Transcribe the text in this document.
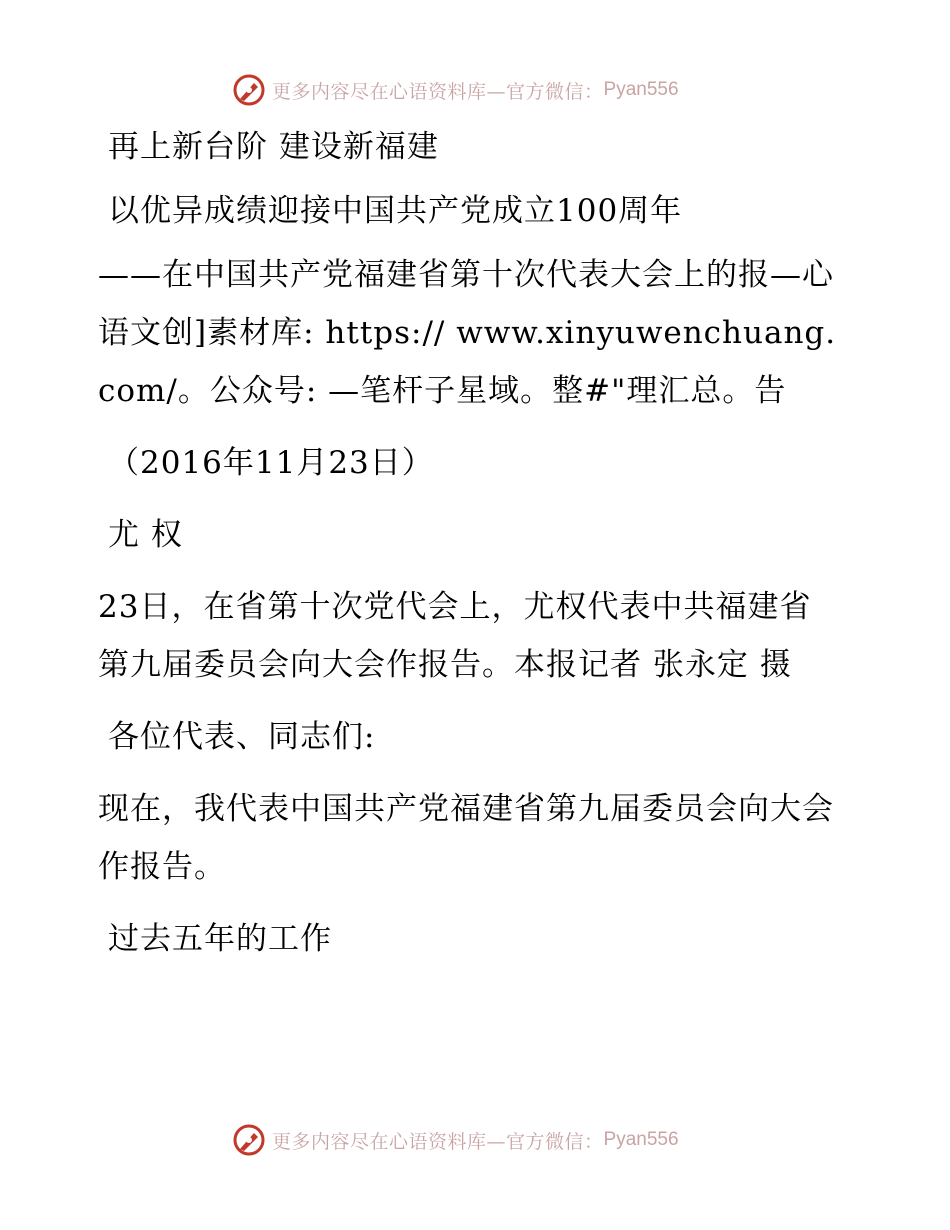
更多内容尽在心语资料库—官方微信： Pyan556

再上新台阶 建设新福建

以优异成绩迎接中国共产党成立100周年

——在中国共产党福建省第十次代表大会上的报—心语文创]素材库: https:// www.xinyuwenchuang.com/。公众号: —笔杆子星域。整#"理汇总。告

（2016年11月23日）

尤 权

23日，在省第十次党代会上，尤权代表中共福建省第九届委员会向大会作报告。本报记者 张永定 摄

各位代表、同志们:

现在，我代表中国共产党福建省第九届委员会向大会作报告。

过去五年的工作

更多内容尽在心语资料库—官方微信： Pyan556
